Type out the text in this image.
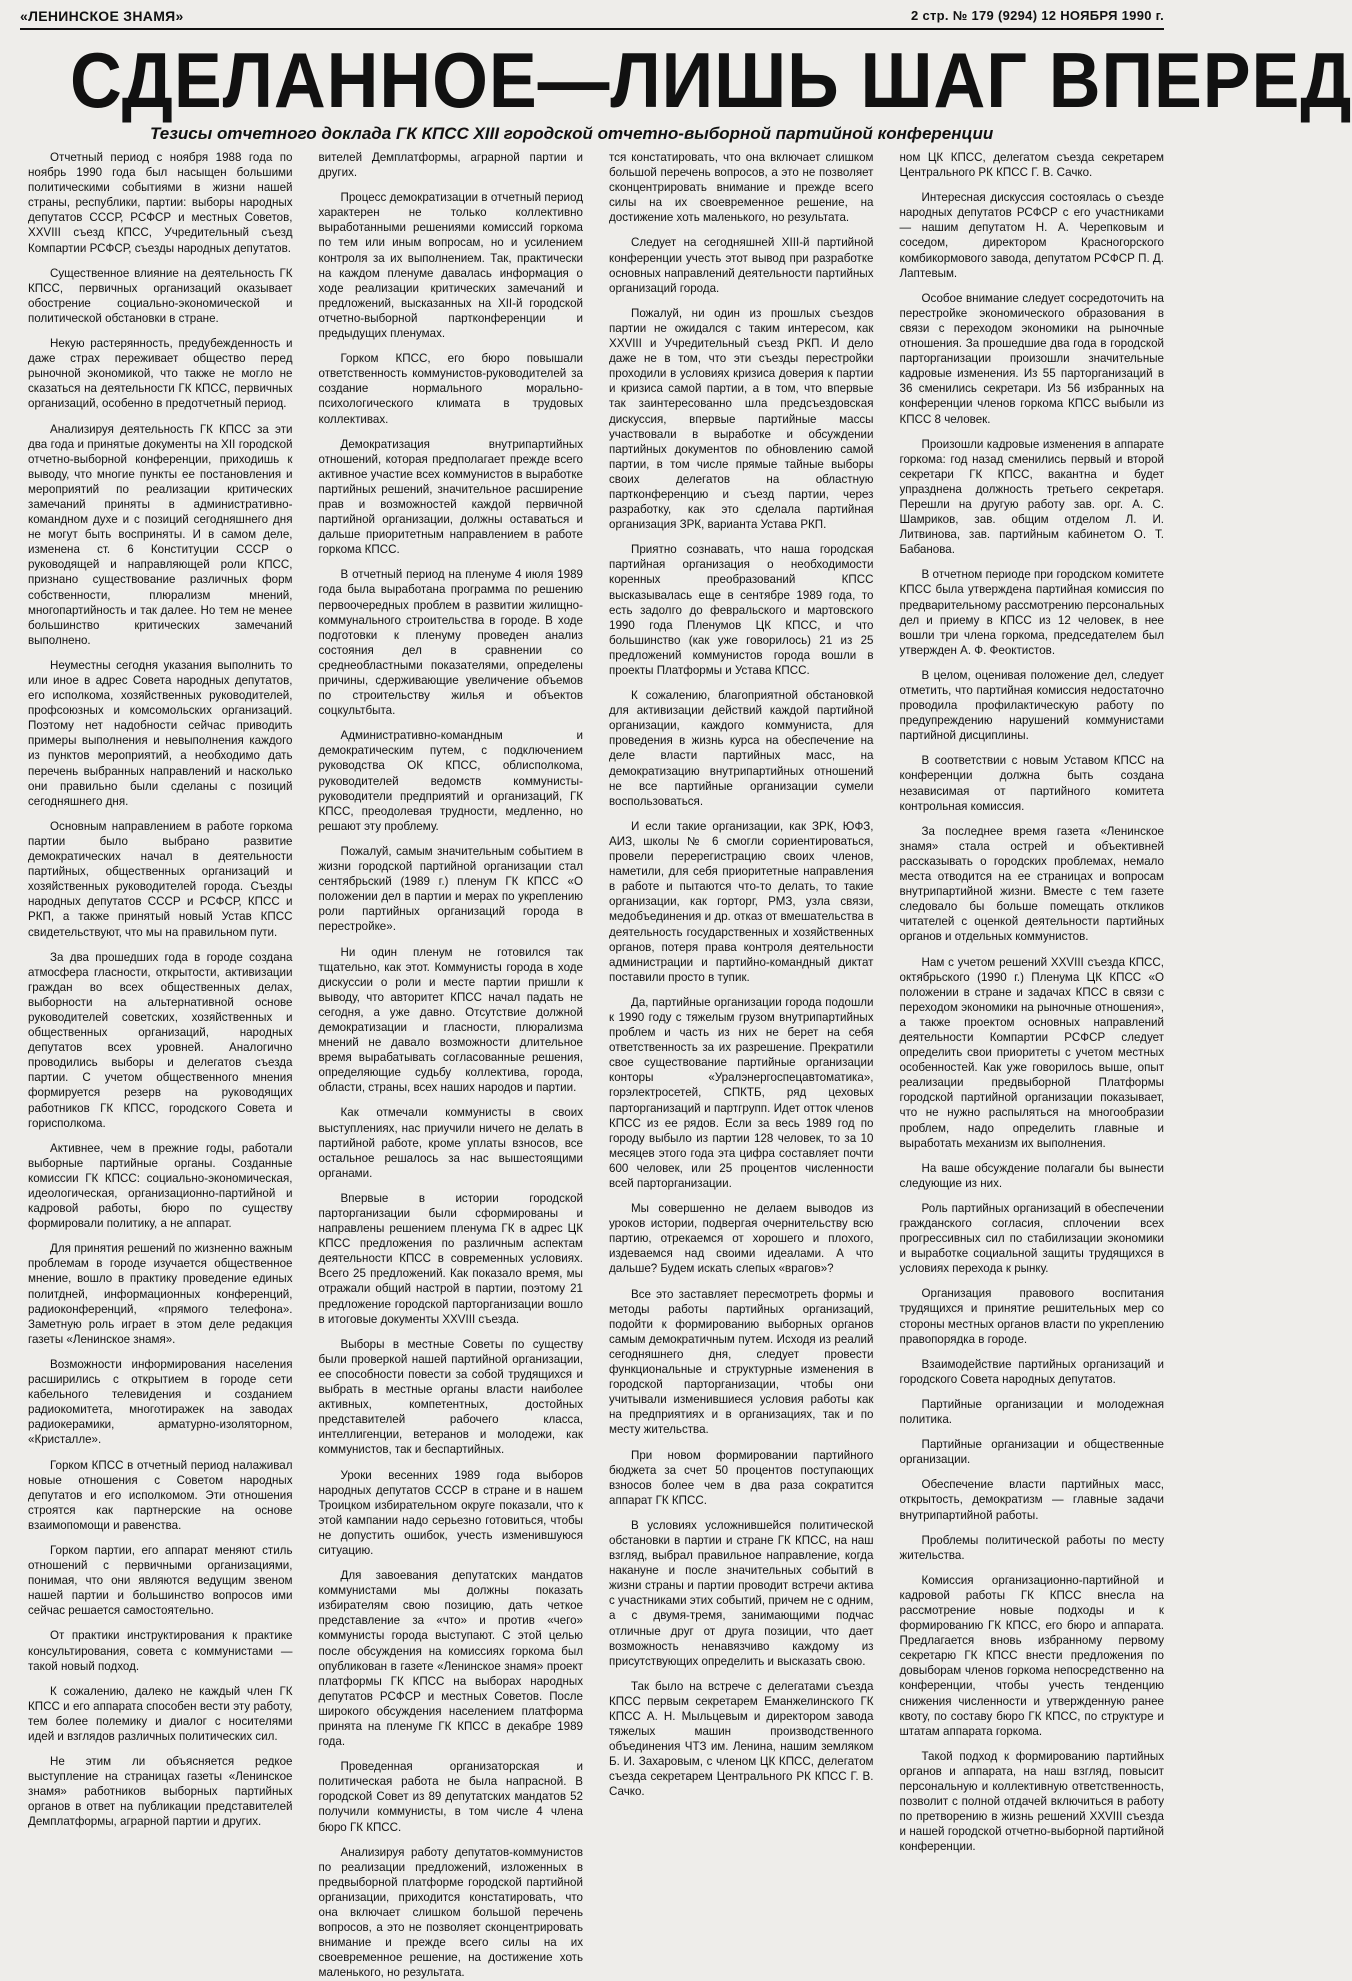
«ЛЕНИНСКОЕ ЗНАМЯ»	2 стр. № 179 (9294) 12 НОЯБРЯ 1990 г.
СДЕЛАННОЕ—ЛИШЬ ШАГ ВПЕРЕД
Тезисы отчетного доклада ГК КПСС XIII городской отчетно-выборной партийной конференции

Отчетный период с ноября 1988 года по ноябрь 1990 года был насыщен большими политическими событиями в жизни нашей страны, республики, партии: выборы народных депутатов СССР, РСФСР и местных Советов, XXVIII съезд КПСС, Учредительный съезд Компартии РСФСР, съезды народных депутатов.

Существенное влияние на деятельность ГК КПСС, первичных организаций оказывает обострение социально-экономической и политической обстановки в стране.

Некую растерянность, предубежденность и даже страх переживает общество перед рыночной экономикой, что также не могло не сказаться на деятельности ГК КПСС, первичных организаций, особенно в предотчетный период.

Анализируя деятельность ГК КПСС за эти два года и принятые документы на XII городской отчетно-выборной конференции, приходишь к выводу, что многие пункты ее постановления и мероприятий по реализации критических замечаний приняты в административно-командном духе и с позиций сегодняшнего дня не могут быть восприняты. И в самом деле, изменена ст. 6 Конституции СССР о руководящей и направляющей роли КПСС, признано существование различных форм собственности, плюрализм мнений, многопартийность и так далее. Но тем не менее большинство критических замечаний выполнено.

Неуместны сегодня указания выполнить то или иное в адрес Совета народных депутатов, его исполкома, хозяйственных руководителей, профсоюзных и комсомольских организаций. Поэтому нет надобности сейчас приводить примеры выполнения и невыполнения каждого из пунктов мероприятий, а необходимо дать перечень выбранных направлений и насколько они правильно были сделаны с позиций сегодняшнего дня.

Основным направлением в работе горкома партии было выбрано развитие демократических начал в деятельности партийных, общественных организаций и хозяйственных руководителей города. Съезды народных депутатов СССР и РСФСР, КПСС и РКП, а также принятый новый Устав КПСС свидетельствуют, что мы на правильном пути.

За два прошедших года в городе создана атмосфера гласности, открытости, активизации граждан во всех общественных делах, выборности на альтернативной основе руководителей советских, хозяйственных и общественных организаций, народных депутатов всех уровней. Аналогично проводились выборы и делегатов съезда партии. С учетом общественного мнения формируется резерв на руководящих работников ГК КПСС, городского Совета и горисполкома.

Активнее, чем в прежние годы, работали выборные партийные органы. Созданные комиссии ГК КПСС: социально-экономическая, идеологическая, организационно-партийной и кадровой работы, бюро по существу формировали политику, а не аппарат.

Для принятия решений по жизненно важным проблемам в городе изучается общественное мнение, вошло в практику проведение единых политдней, информационных конференций, радиоконференций, «прямого телефона». Заметную роль играет в этом деле редакция газеты «Ленинское знамя».

Возможности информирования населения расширились с открытием в городе сети кабельного телевидения и созданием радиокомитета, многотиражек на заводах радиокерамики, арматурно-изоляторном, «Кристалле».

Горком КПСС в отчетный период налаживал новые отношения с Советом народных депутатов и его исполкомом. Эти отношения строятся как партнерские на основе взаимопомощи и равенства.

Горком партии, его аппарат меняют стиль отношений с первичными организациями, понимая, что они являются ведущим звеном нашей партии и большинство вопросов ими сейчас решается самостоятельно.

От практики инструктирования к практике консультирования, совета с коммунистами — такой новый подход.

К сожалению, далеко не каждый член ГК КПСС и его аппарата способен вести эту работу, тем более полемику и диалог с носителями идей и взглядов различных политических сил.

Не этим ли объясняется редкое выступление на страницах газеты «Ленинское знамя» работников выборных партийных органов в ответ на публикации представителей Демплатформы, аграрной партии и других.

вителей Демплатформы, аграрной партии и других.

Процесс демократизации в отчетный период характерен не только коллективно выработанными решениями комиссий горкома по тем или иным вопросам, но и усилением контроля за их выполнением. Так, практически на каждом пленуме давалась информация о ходе реализации критических замечаний и предложений, высказанных на XII-й городской отчетно-выборной партконференции и предыдущих пленумах.

Горком КПСС, его бюро повышали ответственность коммунистов-руководителей за создание нормального морально-психологического климата в трудовых коллективах.

Демократизация внутрипартийных отношений, которая предполагает прежде всего активное участие всех коммунистов в выработке партийных решений, значительное расширение прав и возможностей каждой первичной партийной организации, должны оставаться и дальше приоритетным направлением в работе горкома КПСС.

В отчетный период на пленуме 4 июля 1989 года была выработана программа по решению первоочередных проблем в развитии жилищно-коммунального строительства в городе. В ходе подготовки к пленуму проведен анализ состояния дел в сравнении со среднеобластными показателями, определены причины, сдерживающие увеличение объемов по строительству жилья и объектов соцкультбыта.

Административно-командным и демократическим путем, с подключением руководства ОК КПСС, облисполкома, руководителей ведомств коммунисты-руководители предприятий и организаций, ГК КПСС, преодолевая трудности, медленно, но решают эту проблему.

Пожалуй, самым значительным событием в жизни городской партийной организации стал сентябрьский (1989 г.) пленум ГК КПСС «О положении дел в партии и мерах по укреплению роли партийных организаций города в перестройке».

Ни один пленум не готовился так тщательно, как этот. Коммунисты города в ходе дискуссии о роли и месте партии пришли к выводу, что авторитет КПСС начал падать не сегодня, а уже давно. Отсутствие должной демократизации и гласности, плюрализма мнений не давало возможности длительное время вырабатывать согласованные решения, определяющие судьбу коллектива, города, области, страны, всех наших народов и партии.

Как отмечали коммунисты в своих выступлениях, нас приучили ничего не делать в партийной работе, кроме уплаты взносов, все остальное решалось за нас вышестоящими органами.

Впервые в истории городской парторганизации были сформированы и направлены решением пленума ГК в адрес ЦК КПСС предложения по различным аспектам деятельности КПСС в современных условиях. Всего 25 предложений. Как показало время, мы отражали общий настрой в партии, поэтому 21 предложение городской парторганизации вошло в итоговые документы XXVIII съезда.

Выборы в местные Советы по существу были проверкой нашей партийной организации, ее способности повести за собой трудящихся и выбрать в местные органы власти наиболее активных, компетентных, достойных представителей рабочего класса, интеллигенции, ветеранов и молодежи, как коммунистов, так и беспартийных.

Уроки весенних 1989 года выборов народных депутатов СССР в стране и в нашем Троицком избирательном округе показали, что к этой кампании надо серьезно готовиться, чтобы не допустить ошибок, учесть изменившуюся ситуацию.

Для завоевания депутатских мандатов коммунистами мы должны показать избирателям свою позицию, дать четкое представление за «что» и против «чего» коммунисты города выступают. С этой целью после обсуждения на комиссиях горкома был опубликован в газете «Ленинское знамя» проект платформы ГК КПСС на выборах народных депутатов РСФСР и местных Советов. После широкого обсуждения населением платформа принята на пленуме ГК КПСС в декабре 1989 года.

Проведенная организаторская и политическая работа не была напрасной. В городской Совет из 89 депутатских мандатов 52 получили коммунисты, в том числе 4 члена бюро ГК КПСС.

Анализируя работу депутатов-коммунистов по реализации предложений, изложенных в предвыборной платформе городской партийной организации, приходится констатировать, что она включает слишком большой перечень вопросов, а это не позволяет сконцентрировать внимание и прежде всего силы на их своевременное решение, на достижение хоть маленького, но результата.

тся констатировать, что она включает слишком большой перечень вопросов, а это не позволяет сконцентрировать внимание и прежде всего силы на их своевременное решение, на достижение хоть маленького, но результата.

Следует на сегодняшней XIII-й партийной конференции учесть этот вывод при разработке основных направлений деятельности партийных организаций города.

Пожалуй, ни один из прошлых съездов партии не ожидался с таким интересом, как XXVIII и Учредительный съезд РКП. И дело даже не в том, что эти съезды перестройки проходили в условиях кризиса доверия к партии и кризиса самой партии, а в том, что впервые так заинтересованно шла предсъездовская дискуссия, впервые партийные массы участвовали в выработке и обсуждении партийных документов по обновлению самой партии, в том числе прямые тайные выборы своих делегатов на областную партконференцию и съезд партии, через разработку, как это сделала партийная организация ЗРК, варианта Устава РКП.

Приятно сознавать, что наша городская партийная организация о необходимости коренных преобразований КПСС высказывалась еще в сентябре 1989 года, то есть задолго до февральского и мартовского 1990 года Пленумов ЦК КПСС, и что большинство (как уже говорилось) 21 из 25 предложений коммунистов города вошли в проекты Платформы и Устава КПСС.

К сожалению, благоприятной обстановкой для активизации действий каждой партийной организации, каждого коммуниста, для проведения в жизнь курса на обеспечение на деле власти партийных масс, на демократизацию внутрипартийных отношений не все партийные организации сумели воспользоваться.

И если такие организации, как ЗРК, ЮФЗ, АИЗ, школы № 6 смогли сориентироваться, провели перерегистрацию своих членов, наметили, для себя приоритетные направления в работе и пытаются что-то делать, то такие организации, как горторг, РМЗ, узла связи, медобъединения и др. отказ от вмешательства в деятельность государственных и хозяйственных органов, потеря права контроля деятельности администрации и партийно-командный диктат поставили просто в тупик.

Да, партийные организации города подошли к 1990 году с тяжелым грузом внутрипартийных проблем и часть из них не берет на себя ответственность за их разрешение. Прекратили свое существование партийные организации конторы «Уралэнергоспецавтоматика», горэлектросетей, СПКТБ, ряд цеховых парторганизаций и партгрупп. Идет отток членов КПСС из ее рядов. Если за весь 1989 год по городу выбыло из партии 128 человек, то за 10 месяцев этого года эта цифра составляет почти 600 человек, или 25 процентов численности всей парторганизации.

Мы совершенно не делаем выводов из уроков истории, подвергая очернительству всю партию, отрекаемся от хорошего и плохого, издеваемся над своими идеалами. А что дальше? Будем искать слепых «врагов»?

Все это заставляет пересмотреть формы и методы работы партийных организаций, подойти к формированию выборных органов самым демократичным путем. Исходя из реалий сегодняшнего дня, следует провести функциональные и структурные изменения в городской парторганизации, чтобы они учитывали изменившиеся условия работы как на предприятиях и в организациях, так и по месту жительства.

При новом формировании партийного бюджета за счет 50 процентов поступающих взносов более чем в два раза сократится аппарат ГК КПСС.

В условиях усложнившейся политической обстановки в партии и стране ГК КПСС, на наш взгляд, выбрал правильное направление, когда накануне и после значительных событий в жизни страны и партии проводит встречи актива с участниками этих событий, причем не с одним, а с двумя-тремя, занимающими подчас отличные друг от друга позиции, что дает возможность ненавязчиво каждому из присутствующих определить и высказать свою.

Так было на встрече с делегатами съезда КПСС первым секретарем Еманжелинского ГК КПСС А. Н. Мыльцевым и директором завода тяжелых машин производственного объединения ЧТЗ им. Ленина, нашим земляком Б. И. Захаровым, с членом ЦК КПСС, делегатом съезда секретарем Центрального РК КПСС Г. В. Сачко.

ном ЦК КПСС, делегатом съезда секретарем Центрального РК КПСС Г. В. Сачко.

Интересная дискуссия состоялась о съезде народных депутатов РСФСР с его участниками — нашим депутатом Н. А. Черепковым и соседом, директором Красногорского комбикормового завода, депутатом РСФСР П. Д. Лаптевым.

Особое внимание следует сосредоточить на перестройке экономического образования в связи с переходом экономики на рыночные отношения. За прошедшие два года в городской парторганизации произошли значительные кадровые изменения. Из 55 парторганизаций в 36 сменились секретари. Из 56 избранных на конференции членов горкома КПСС выбыли из КПСС 8 человек.

Произошли кадровые изменения в аппарате горкома: год назад сменились первый и второй секретари ГК КПСС, вакантна и будет упразднена должность третьего секретаря. Перешли на другую работу зав. орг. А. С. Шамриков, зав. общим отделом Л. И. Литвинова, зав. партийным кабинетом О. Т. Бабанова.

В отчетном периоде при городском комитете КПСС была утверждена партийная комиссия по предварительному рассмотрению персональных дел и приему в КПСС из 12 человек, в нее вошли три члена горкома, председателем был утвержден А. Ф. Феоктистов.

В целом, оценивая положение дел, следует отметить, что партийная комиссия недостаточно проводила профилактическую работу по предупреждению нарушений коммунистами партийной дисциплины.

В соответствии с новым Уставом КПСС на конференции должна быть создана независимая от партийного комитета контрольная комиссия.

За последнее время газета «Ленинское знамя» стала острей и объективней рассказывать о городских проблемах, немало места отводится на ее страницах и вопросам внутрипартийной жизни. Вместе с тем газете следовало бы больше помещать откликов читателей с оценкой деятельности партийных органов и отдельных коммунистов.

Нам с учетом решений XXVIII съезда КПСС, октябрьского (1990 г.) Пленума ЦК КПСС «О положении в стране и задачах КПСС в связи с переходом экономики на рыночные отношения», а также проектом основных направлений деятельности Компартии РСФСР следует определить свои приоритеты с учетом местных особенностей. Как уже говорилось выше, опыт реализации предвыборной Платформы городской партийной организации показывает, что не нужно распыляться на многообразии проблем, надо определить главные и выработать механизм их выполнения.

На ваше обсуждение полагали бы вынести следующие из них.

Роль партийных организаций в обеспечении гражданского согласия, сплочении всех прогрессивных сил по стабилизации экономики и выработке социальной защиты трудящихся в условиях перехода к рынку.

Организация правового воспитания трудящихся и принятие решительных мер со стороны местных органов власти по укреплению правопорядка в городе.

Взаимодействие партийных организаций и городского Совета народных депутатов.

Партийные организации и молодежная политика.

Партийные организации и общественные организации.

Обеспечение власти партийных масс, открытость, демократизм — главные задачи внутрипартийной работы.

Проблемы политической работы по месту жительства.

Комиссия организационно-партийной и кадровой работы ГК КПСС внесла на рассмотрение новые подходы и к формированию ГК КПСС, его бюро и аппарата. Предлагается вновь избранному первому секретарю ГК КПСС внести предложения по довыборам членов горкома непосредственно на конференции, чтобы учесть тенденцию снижения численности и утвержденную ранее квоту, по составу бюро ГК КПСС, по структуре и штатам аппарата горкома.

Такой подход к формированию партийных органов и аппарата, на наш взгляд, повысит персональную и коллективную ответственность, позволит с полной отдачей включиться в работу по претворению в жизнь решений XXVIII съезда и нашей городской отчетно-выборной партийной конференции.
